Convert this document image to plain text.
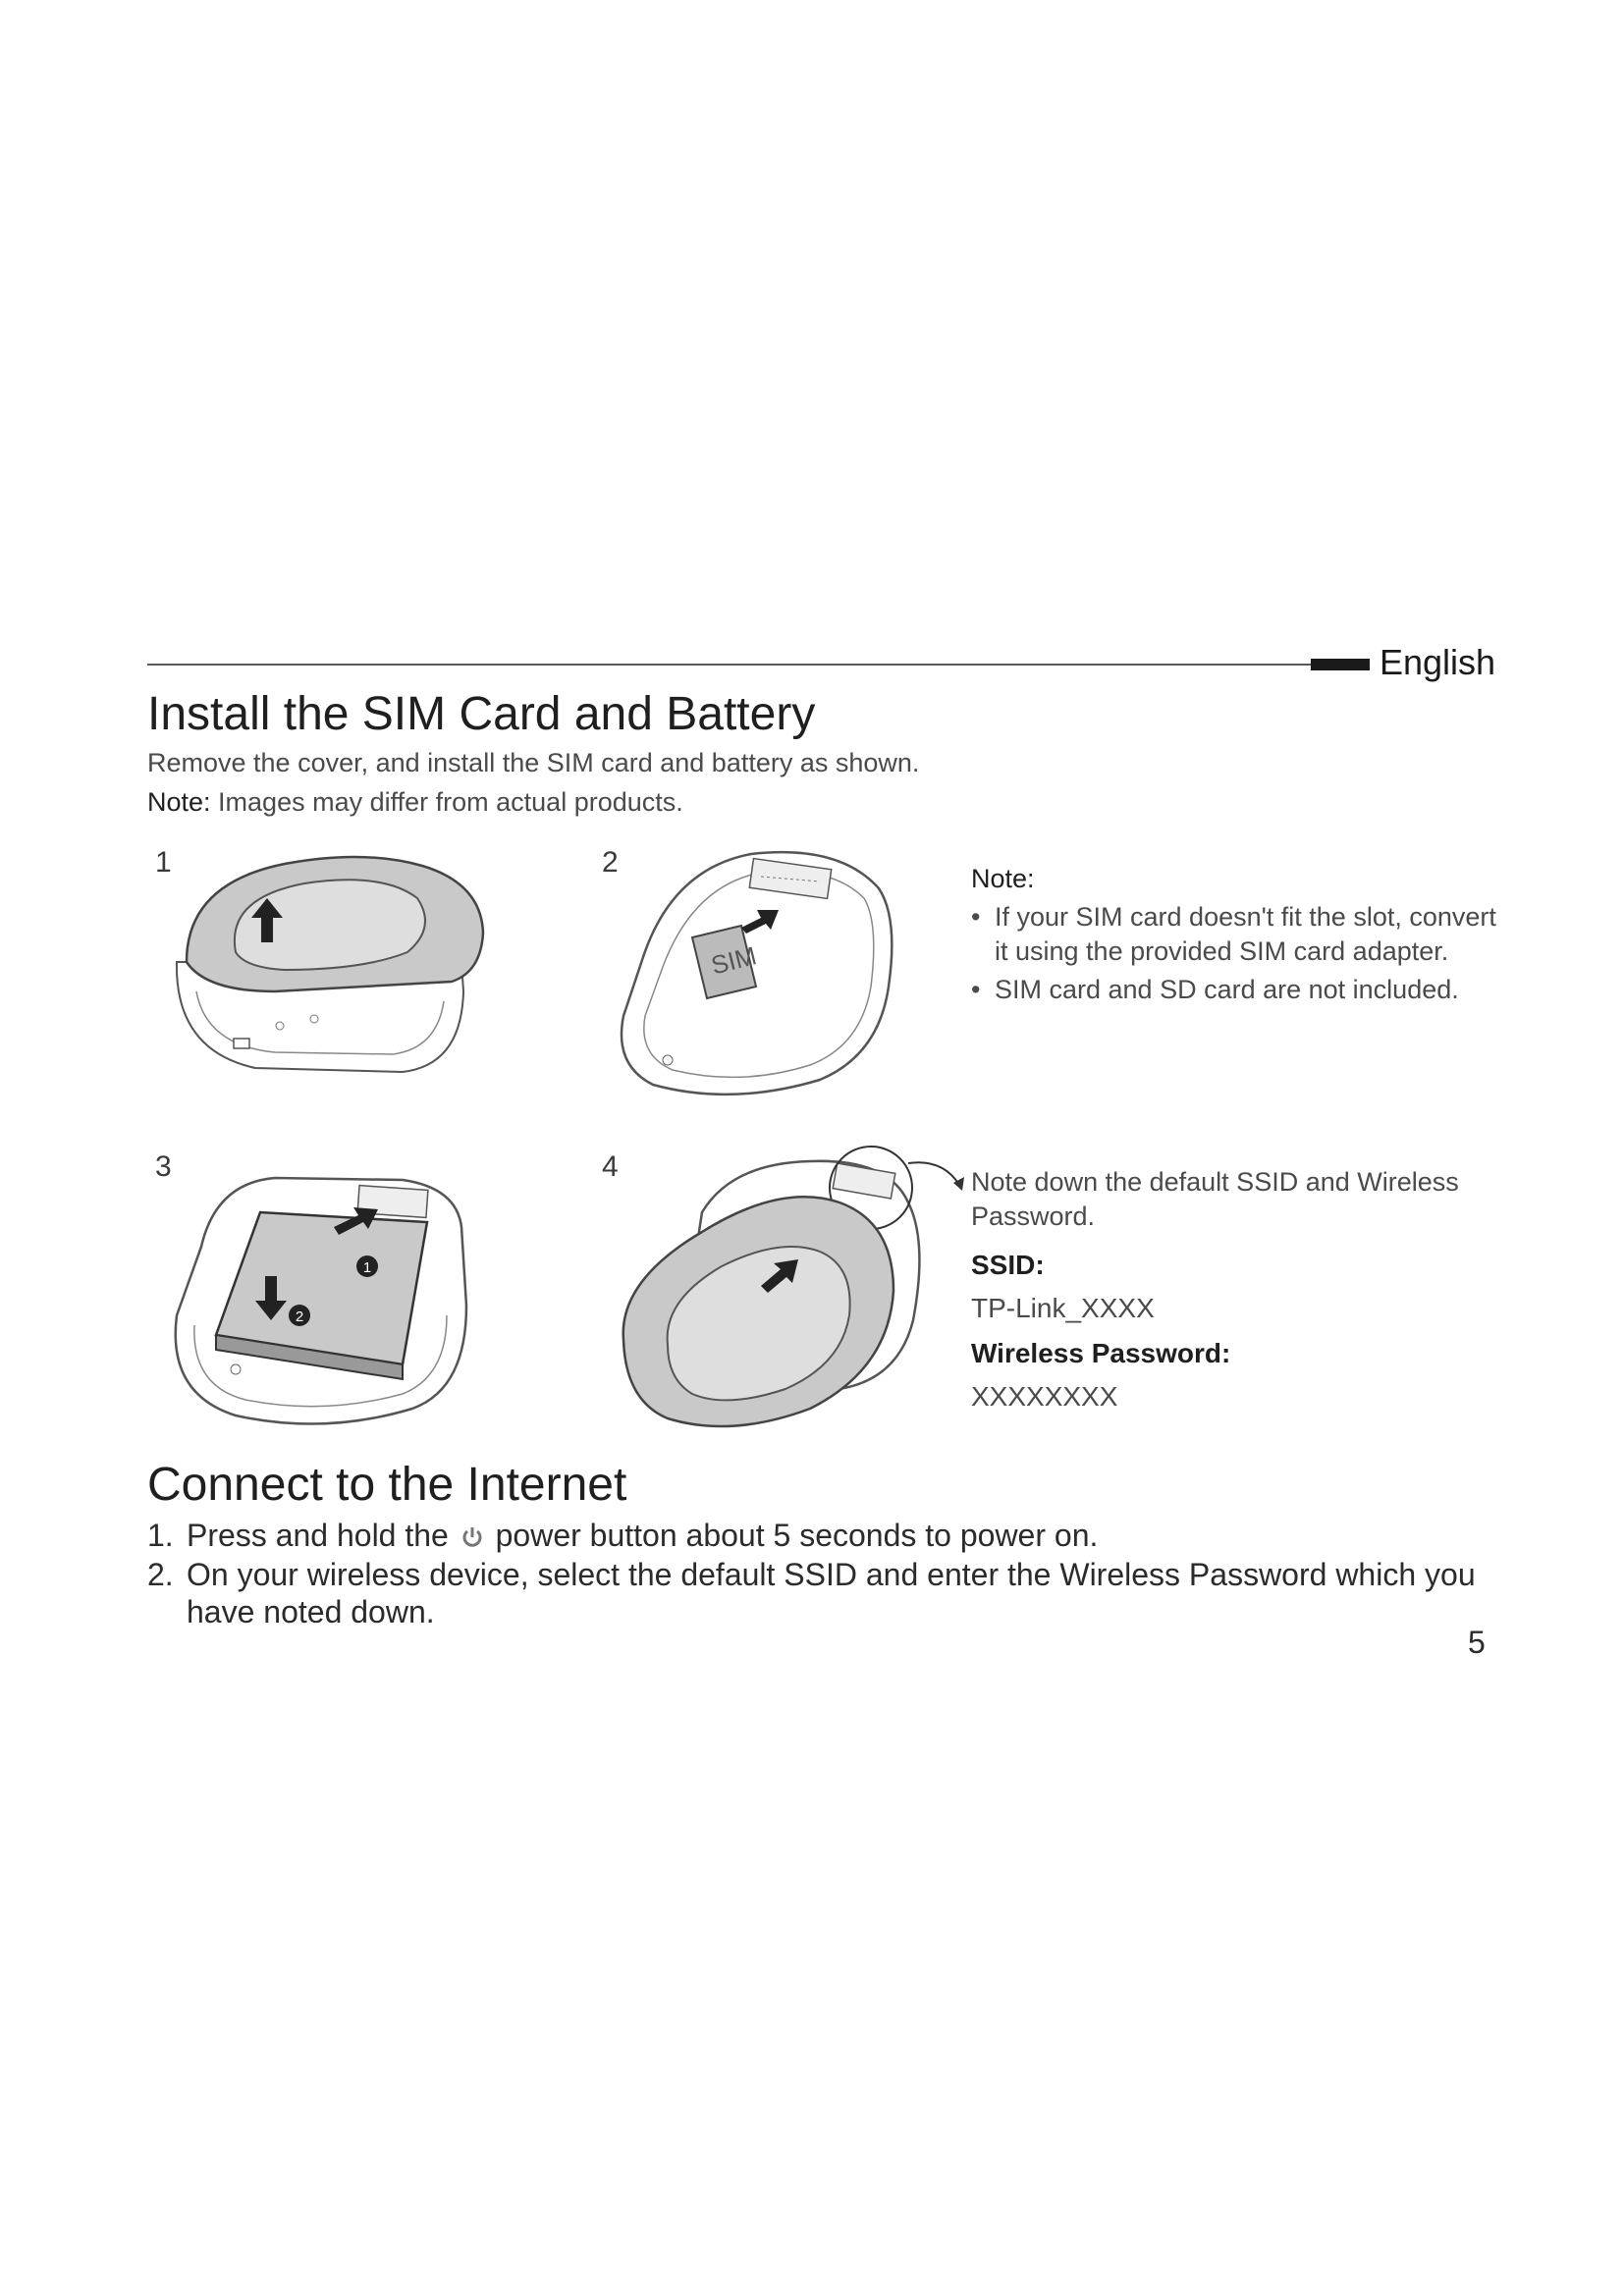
English
Install the SIM Card and Battery
Remove the cover, and install the SIM card and battery as shown.
Note: Images may differ from actual products.
1	2
3	4
SIM
Note:
• If your SIM card doesn't fit the slot, convert it using the provided SIM card adapter.
• SIM card and SD card are not included.
1
2
Note down the default SSID and Wireless Password.
SSID:
TP-Link_XXXX
Wireless Password:
XXXXXXXX
Connect to the Internet
1. Press and hold the  power button about 5 seconds to power on.
2. On your wireless device, select the default SSID and enter the Wireless Password which you have noted down.
5
